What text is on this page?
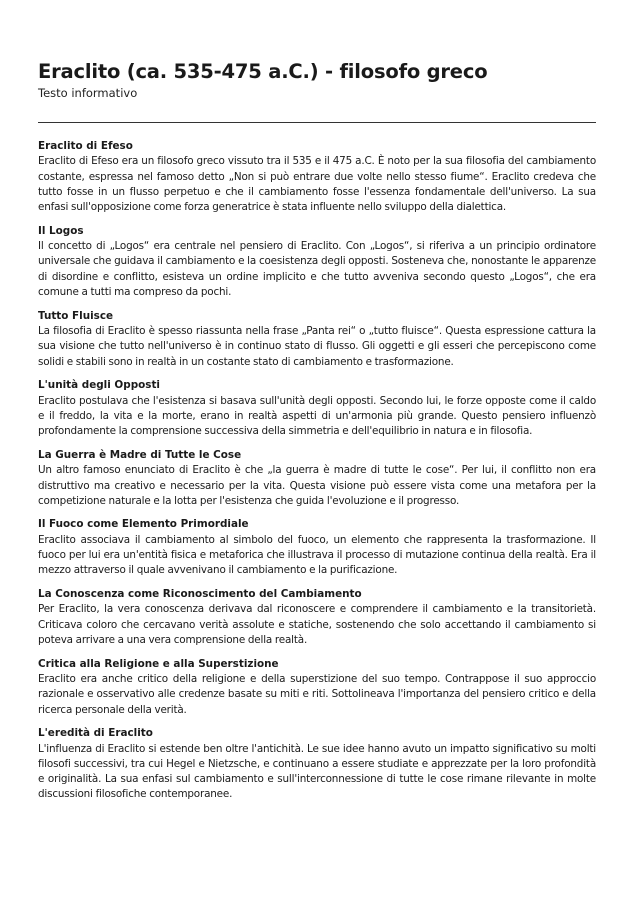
Eraclito (ca. 535-475 a.C.) - filosofo greco
Testo informativo
Eraclito di Efeso

Eraclito di Efeso era un filosofo greco vissuto tra il 535 e il 475 a.C. È noto per la sua filosofia del cambiamento costante, espressa nel famoso detto „Non si può entrare due volte nello stesso fiume“. Eraclito credeva che tutto fosse in un flusso perpetuo e che il cambiamento fosse l'essenza fondamentale dell'universo. La sua enfasi sull'opposizione come forza generatrice è stata influente nello sviluppo della dialettica.

Il Logos

Il concetto di „Logos“ era centrale nel pensiero di Eraclito. Con „Logos“, si riferiva a un principio ordinatore universale che guidava il cambiamento e la coesistenza degli opposti. Sosteneva che, nonostante le apparenze di disordine e conflitto, esisteva un ordine implicito e che tutto avveniva secondo questo „Logos“, che era comune a tutti ma compreso da pochi.

Tutto Fluisce

La filosofia di Eraclito è spesso riassunta nella frase „Panta rei“ o „tutto fluisce“. Questa espressione cattura la sua visione che tutto nell'universo è in continuo stato di flusso. Gli oggetti e gli esseri che percepiscono come solidi e stabili sono in realtà in un costante stato di cambiamento e trasformazione.

L'unità degli Opposti

Eraclito postulava che l'esistenza si basava sull'unità degli opposti. Secondo lui, le forze opposte come il caldo e il freddo, la vita e la morte, erano in realtà aspetti di un'armonia più grande. Questo pensiero influenzò profondamente la comprensione successiva della simmetria e dell'equilibrio in natura e in filosofia.

La Guerra è Madre di Tutte le Cose

Un altro famoso enunciato di Eraclito è che „la guerra è madre di tutte le cose“. Per lui, il conflitto non era distruttivo ma creativo e necessario per la vita. Questa visione può essere vista come una metafora per la competizione naturale e la lotta per l'esistenza che guida l'evoluzione e il progresso.

Il Fuoco come Elemento Primordiale

Eraclito associava il cambiamento al simbolo del fuoco, un elemento che rappresenta la trasformazione. Il fuoco per lui era un'entità fisica e metaforica che illustrava il processo di mutazione continua della realtà. Era il mezzo attraverso il quale avvenivano il cambiamento e la purificazione.

La Conoscenza come Riconoscimento del Cambiamento

Per Eraclito, la vera conoscenza derivava dal riconoscere e comprendere il cambiamento e la transitorietà. Criticava coloro che cercavano verità assolute e statiche, sostenendo che solo accettando il cambiamento si poteva arrivare a una vera comprensione della realtà.

Critica alla Religione e alla Superstizione

Eraclito era anche critico della religione e della superstizione del suo tempo. Contrappose il suo approccio razionale e osservativo alle credenze basate su miti e riti. Sottolineava l'importanza del pensiero critico e della ricerca personale della verità.

L'eredità di Eraclito

L'influenza di Eraclito si estende ben oltre l'antichità. Le sue idee hanno avuto un impatto significativo su molti filosofi successivi, tra cui Hegel e Nietzsche, e continuano a essere studiate e apprezzate per la loro profondità e originalità. La sua enfasi sul cambiamento e sull'interconnessione di tutte le cose rimane rilevante in molte discussioni filosofiche contemporanee.
